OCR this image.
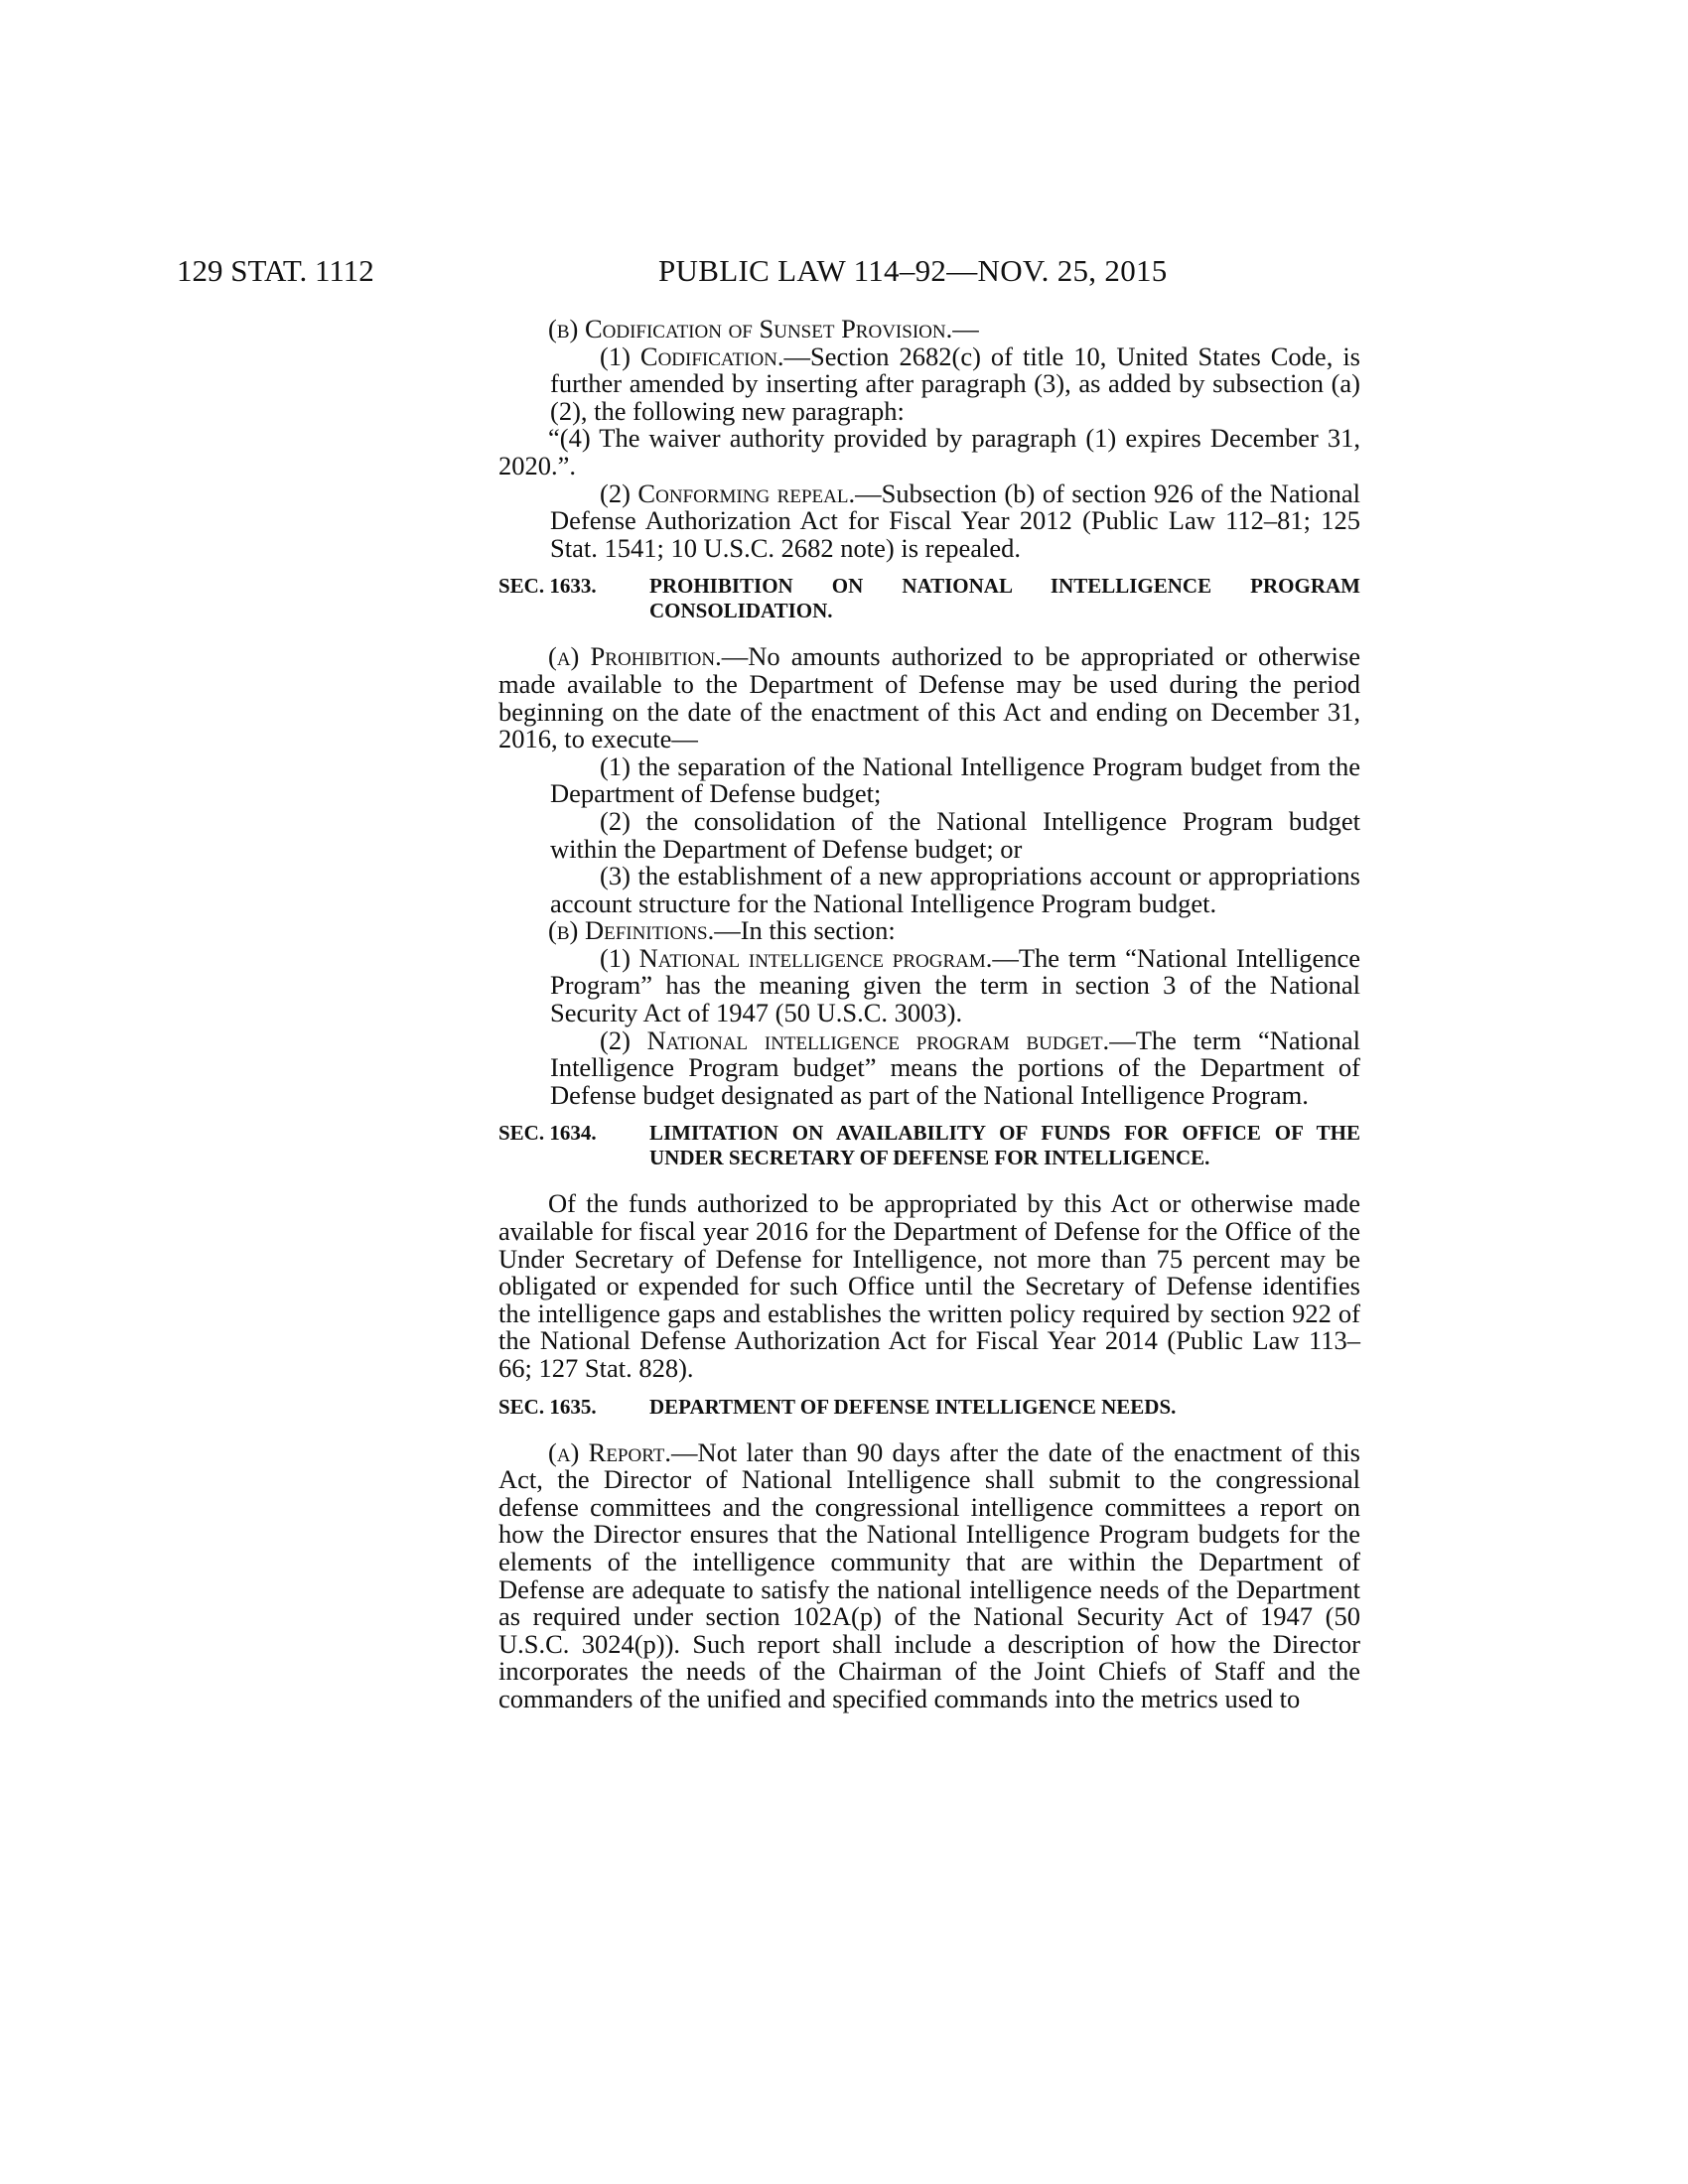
129 STAT. 1112	PUBLIC LAW 114–92—NOV. 25, 2015

(b) Codification of Sunset Provision.—

(1) Codification.—Section 2682(c) of title 10, United States Code, is further amended by inserting after paragraph (3), as added by subsection (a)(2), the following new paragraph:

“(4) The waiver authority provided by paragraph (1) expires December 31, 2020.”.

(2) Conforming repeal.—Subsection (b) of section 926 of the National Defense Authorization Act for Fiscal Year 2012 (Public Law 112–81; 125 Stat. 1541; 10 U.S.C. 2682 note) is repealed.

SEC. 1633.	PROHIBITION ON NATIONAL INTELLIGENCE PROGRAM CONSOLIDATION.

(a) Prohibition.—No amounts authorized to be appropriated or otherwise made available to the Department of Defense may be used during the period beginning on the date of the enactment of this Act and ending on December 31, 2016, to execute—

(1) the separation of the National Intelligence Program budget from the Department of Defense budget;

(2) the consolidation of the National Intelligence Program budget within the Department of Defense budget; or

(3) the establishment of a new appropriations account or appropriations account structure for the National Intelligence Program budget.

(b) Definitions.—In this section:

(1) National intelligence program.—The term “National Intelligence Program” has the meaning given the term in section 3 of the National Security Act of 1947 (50 U.S.C. 3003).

(2) National intelligence program budget.—The term “National Intelligence Program budget” means the portions of the Department of Defense budget designated as part of the National Intelligence Program.

SEC. 1634.	LIMITATION ON AVAILABILITY OF FUNDS FOR OFFICE OF THE UNDER SECRETARY OF DEFENSE FOR INTELLIGENCE.

Of the funds authorized to be appropriated by this Act or otherwise made available for fiscal year 2016 for the Department of Defense for the Office of the Under Secretary of Defense for Intelligence, not more than 75 percent may be obligated or expended for such Office until the Secretary of Defense identifies the intelligence gaps and establishes the written policy required by section 922 of the National Defense Authorization Act for Fiscal Year 2014 (Public Law 113–66; 127 Stat. 828).

SEC. 1635.	DEPARTMENT OF DEFENSE INTELLIGENCE NEEDS.

(a) Report.—Not later than 90 days after the date of the enactment of this Act, the Director of National Intelligence shall submit to the congressional defense committees and the congressional intelligence committees a report on how the Director ensures that the National Intelligence Program budgets for the elements of the intelligence community that are within the Department of Defense are adequate to satisfy the national intelligence needs of the Department as required under section 102A(p) of the National Security Act of 1947 (50 U.S.C. 3024(p)). Such report shall include a description of how the Director incorporates the needs of the Chairman of the Joint Chiefs of Staff and the commanders of the unified and specified commands into the metrics used to
